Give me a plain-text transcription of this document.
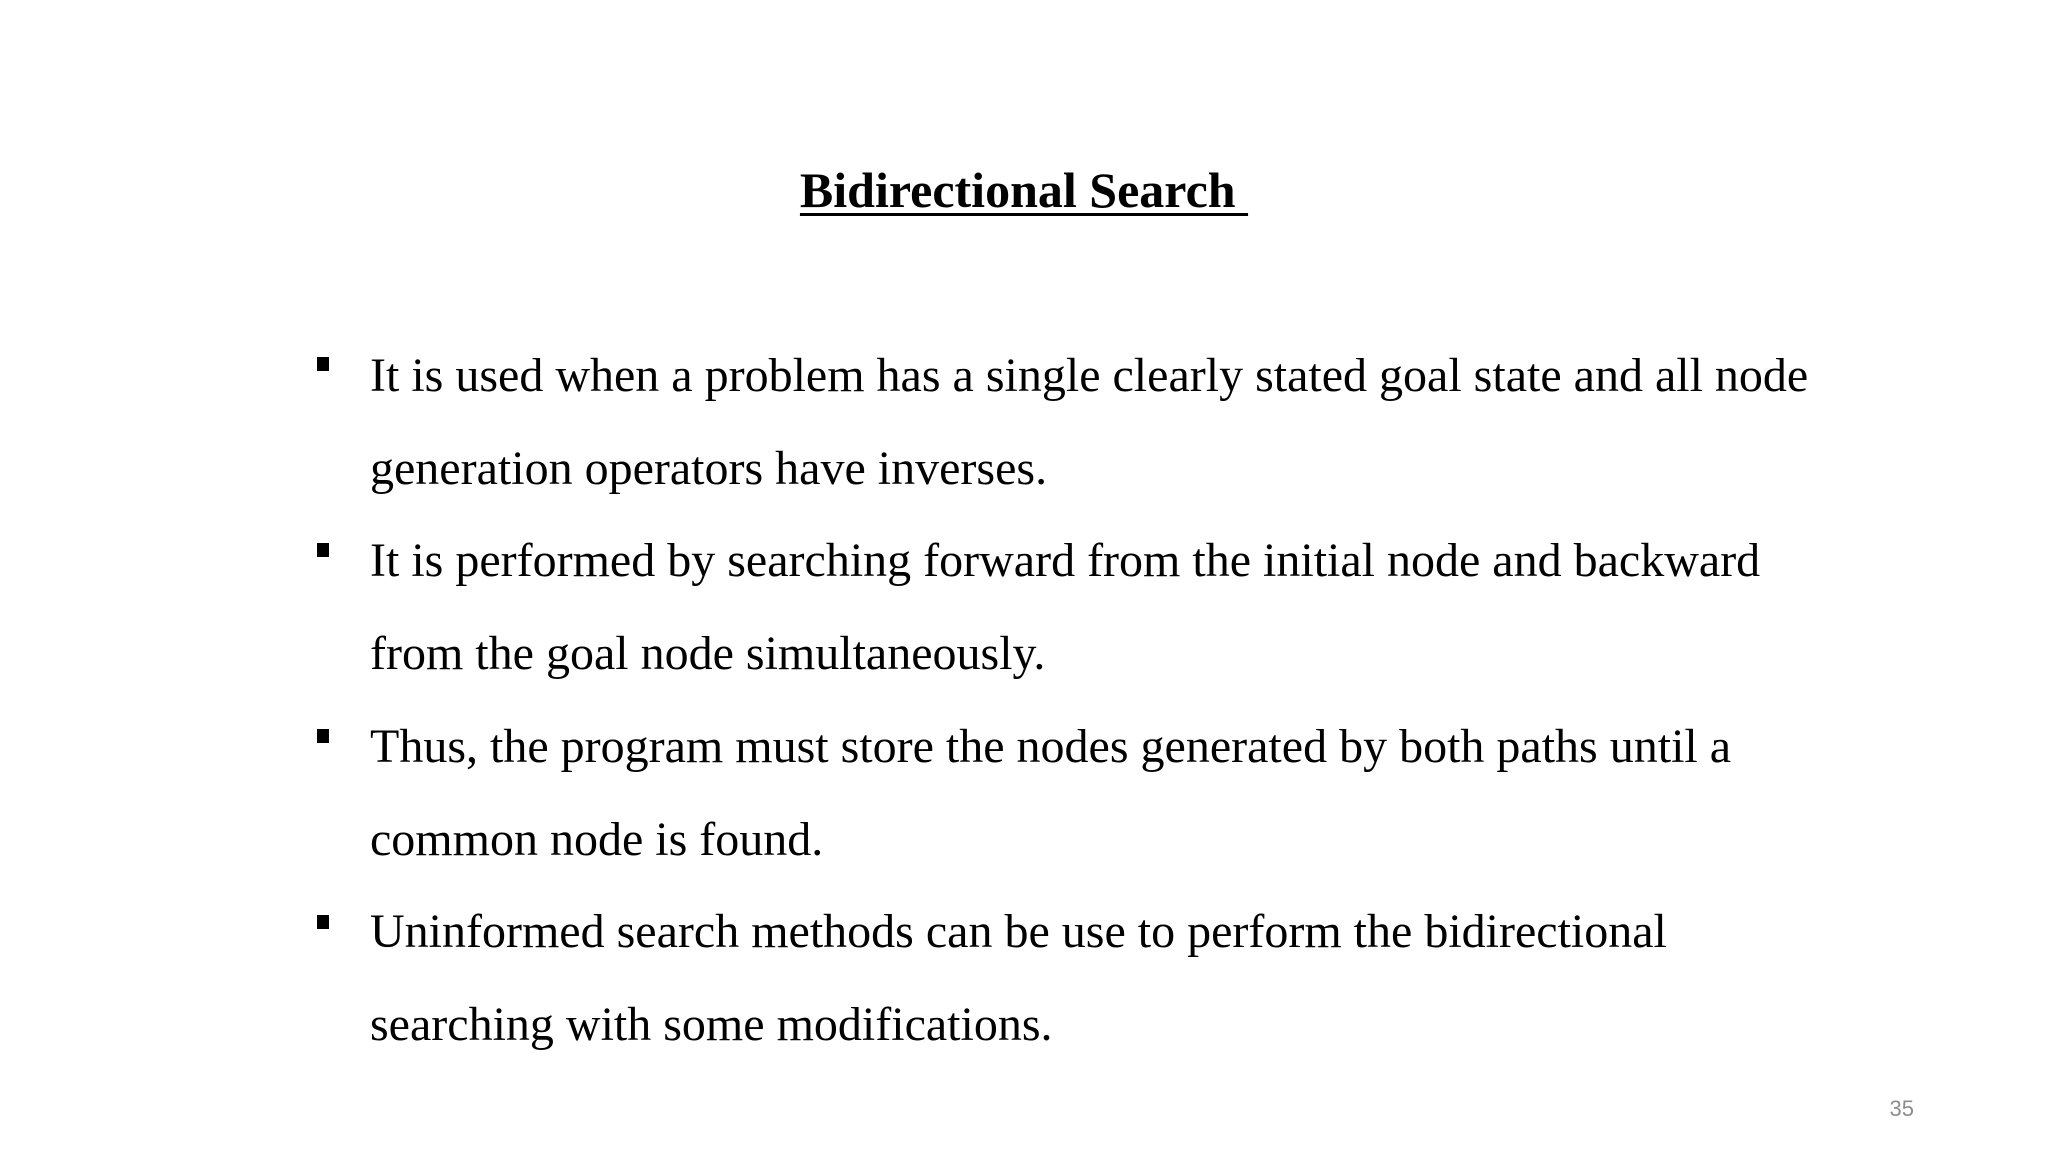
Bidirectional Search
It is used when a problem has a single clearly stated goal state and all node generation operators have inverses.
It is performed by searching forward from the initial node and backward from the goal node simultaneously.
Thus, the program must store the nodes generated by both paths until a common node is found.
Uninformed search methods can be use to perform the bidirectional searching with some modifications.
35
